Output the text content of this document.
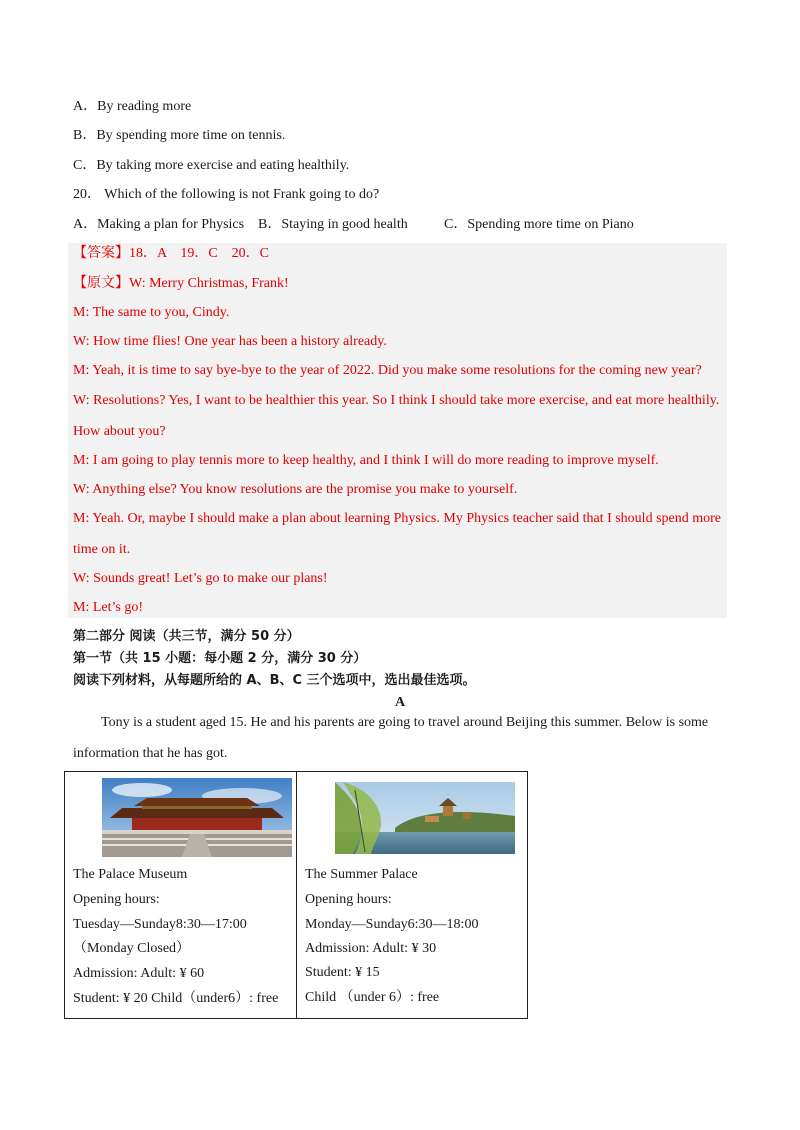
A．By reading more
B．By spending more time on tennis.
C．By taking more exercise and eating healthily.
20． Which of the following is not Frank going to do?
A．Making a plan for Physics B．Staying in good health	C．Spending more time on Piano
【答案】18．A　19．C　20．C
【原文】W: Merry Christmas, Frank!
M: The same to you, Cindy.
W: How time flies! One year has been a history already.
M: Yeah, it is time to say bye-bye to the year of 2022. Did you make some resolutions for the coming new year?
W: Resolutions? Yes, I want to be healthier this year. So I think I should take more exercise, and eat more healthily.
How about you?
M: I am going to play tennis more to keep healthy, and I think I will do more reading to improve myself.
W: Anything else? You know resolutions are the promise you make to yourself.
M: Yeah. Or, maybe I should make a plan about learning Physics. My Physics teacher said that I should spend more
time on it.
W: Sounds great! Let’s go to make our plans!
M: Let’s go!
第二部分 阅读（共三节，满分 50 分）
第一节（共 15 小题：每小题 2 分，满分 30 分）
阅读下列材料，从每题所给的 A、B、C 三个选项中，选出最佳选项。
A
Tony is a student aged 15. He and his parents are going to travel around Beijing this summer. Below is some
information that he has got.
The Palace Museum
Opening hours:
Tuesday—Sunday8:30—17:00
（Monday Closed）
Admission: Adult: ¥ 60
Student: ¥ 20 Child（under6）: free
The Summer Palace
Opening hours:
Monday—Sunday6:30—18:00
Admission: Adult: ¥ 30
Student: ¥ 15
Child （under 6）: free
